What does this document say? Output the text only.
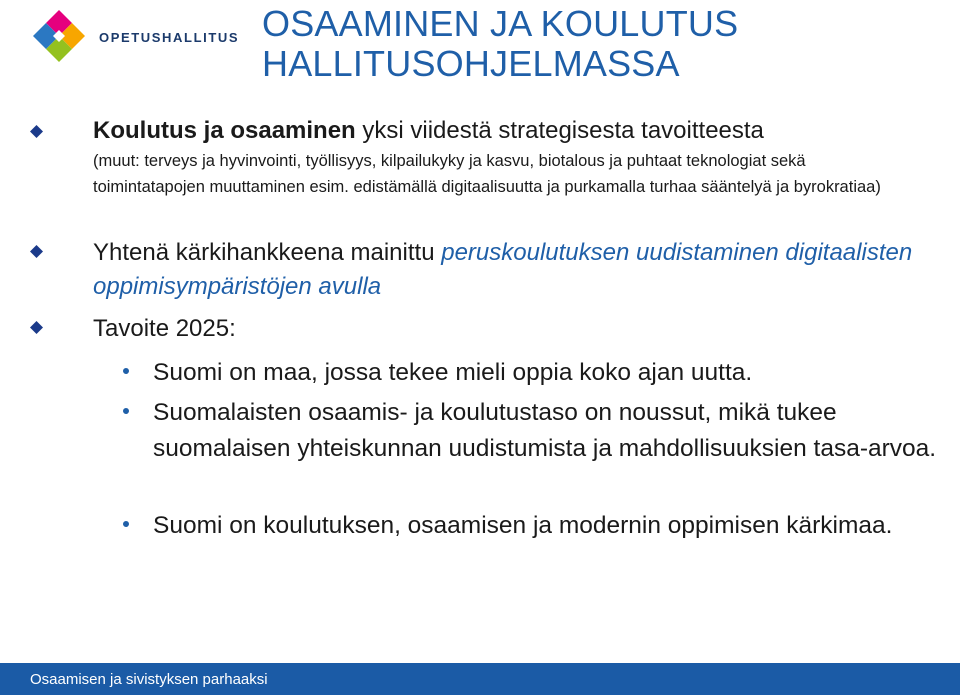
OPETUSHALLITUS OSAAMINEN JA KOULUTUS
HALLITUSOHJELMASSA
Koulutus ja osaaminen yksi viidestä strategisesta tavoitteesta
(muut: terveys ja hyvinvointi, työllisyys, kilpailukyky ja kasvu, biotalous ja puhtaat teknologiat sekä toimintatapojen muuttaminen esim. edistämällä digitaalisuutta ja purkamalla turhaa sääntelyä ja byrokratiaa)
Yhtenä kärkihankkeena mainittu peruskoulutuksen uudistaminen digitaalisten oppimisympäristöjen avulla
Tavoite 2025:
Suomi on maa, jossa tekee mieli oppia koko ajan uutta.
Suomalaisten osaamis- ja koulutustaso on noussut, mikä tukee suomalaisen yhteiskunnan uudistumista ja mahdollisuuksien tasa-arvoa.
Suomi on koulutuksen, osaamisen ja modernin oppimisen kärkimaa.
Osaamisen ja sivistyksen parhaaksi
